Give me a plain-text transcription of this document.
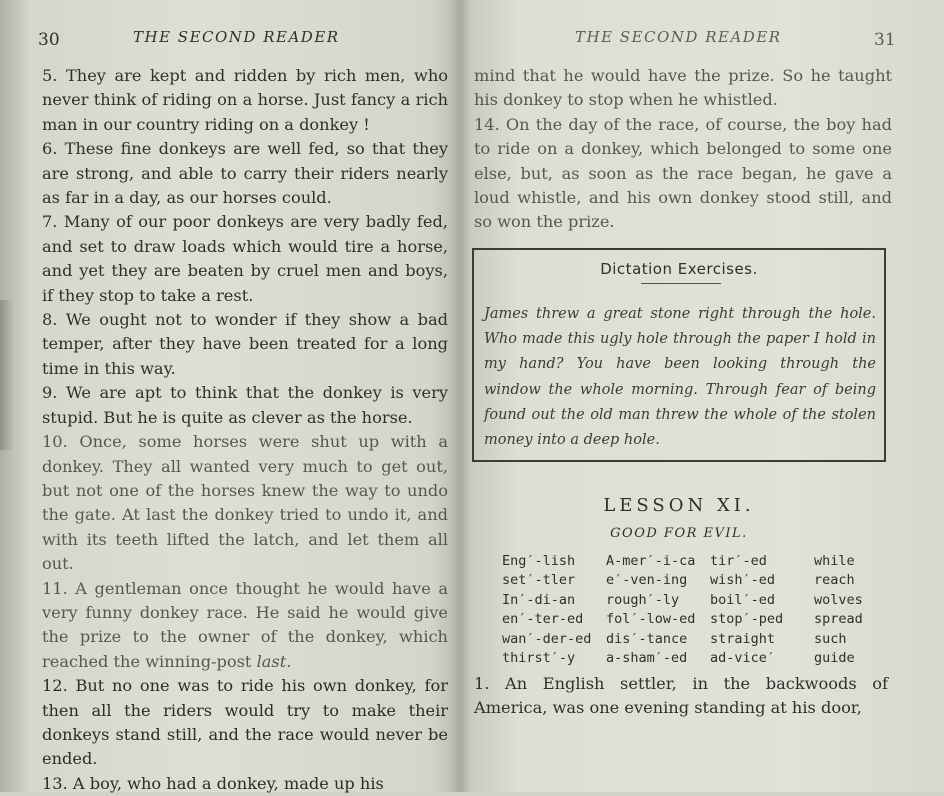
30	THE SECOND READER

5. They are kept and ridden by rich men, who never think of riding on a horse. Just fancy a rich man in our country riding on a donkey !

6. These fine donkeys are well fed, so that they are strong, and able to carry their riders nearly as far in a day, as our horses could.

7. Many of our poor donkeys are very badly fed, and set to draw loads which would tire a horse, and yet they are beaten by cruel men and boys, if they stop to take a rest.

8. We ought not to wonder if they show a bad temper, after they have been treated for a long time in this way.

9. We are apt to think that the donkey is very stupid. But he is quite as clever as the horse.

10. Once, some horses were shut up with a donkey. They all wanted very much to get out, but not one of the horses knew the way to undo the gate. At last the donkey tried to undo it, and with its teeth lifted the latch, and let them all out.

11. A gentleman once thought he would have a very funny donkey race. He said he would give the prize to the owner of the donkey, which reached the winning-post last.

12. But no one was to ride his own donkey, for then all the riders would try to make their donkeys stand still, and the race would never be ended.

13. A boy, who had a donkey, made up his

THE SECOND READER	31

mind that he would have the prize. So he taught his donkey to stop when he whistled.

14. On the day of the race, of course, the boy had to ride on a donkey, which belonged to some one else, but, as soon as the race began, he gave a loud whistle, and his own donkey stood still, and so won the prize.

Dictation Exercises.
James threw a great stone right through the hole. Who made this ugly hole through the paper I hold in my hand? You have been looking through the window the whole morning. Through fear of being found out the old man threw the whole of the stolen money into a deep hole.
LESSON XI.
GOOD FOR EVIL.
Eng′-lish
set′-tler
In′-di-an
en′-ter-ed
wan′-der-ed
thirst′-y
A-mer′-i-ca
e′-ven-ing
rough′-ly
fol′-low-ed
dis′-tance
a-sham′-ed
tir′-ed
wish′-ed
boil′-ed
stop′-ped
straight
ad-vice′
while
reach
wolves
spread
such
guide
1. An English settler, in the backwoods of America, was one evening standing at his door,
